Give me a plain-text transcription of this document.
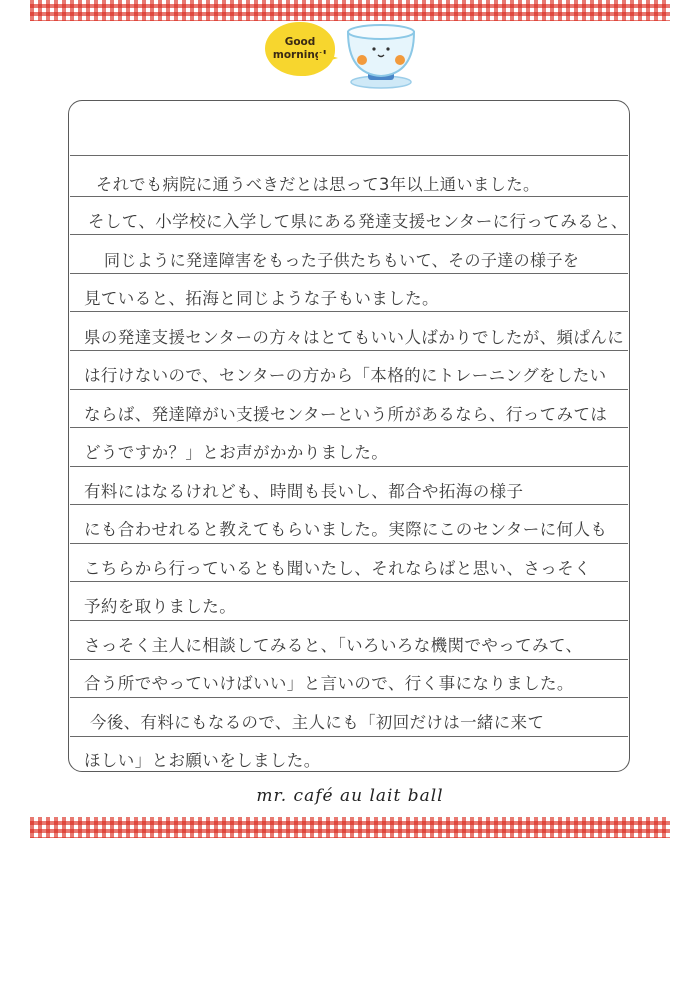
Good
morning!
それでも病院に通うべきだとは思って3年以上通いました。
そして、小学校に入学して県にある発達支援センターに行ってみると、
同じように発達障害をもった子供たちもいて、その子達の様子を
見ていると、拓海と同じような子もいました。
県の発達支援センターの方々はとてもいい人ばかりでしたが、頻ぱんに
は行けないので、センターの方から「本格的にトレーニングをしたい
ならば、発達障がい支援センターという所があるなら、行ってみては
どうですか？」とお声がかかりました。
有料にはなるけれども、時間も長いし、都合や拓海の様子
にも合わせれると教えてもらいました。実際にこのセンターに何人も
こちらから行っているとも聞いたし、それならばと思い、さっそく
予約を取りました。
さっそく主人に相談してみると、「いろいろな機関でやってみて、
合う所でやっていけばいい」と言いので、行く事になりました。
今後、有料にもなるので、主人にも「初回だけは一緒に来て
ほしい」とお願いをしました。
mr. café au lait ball
